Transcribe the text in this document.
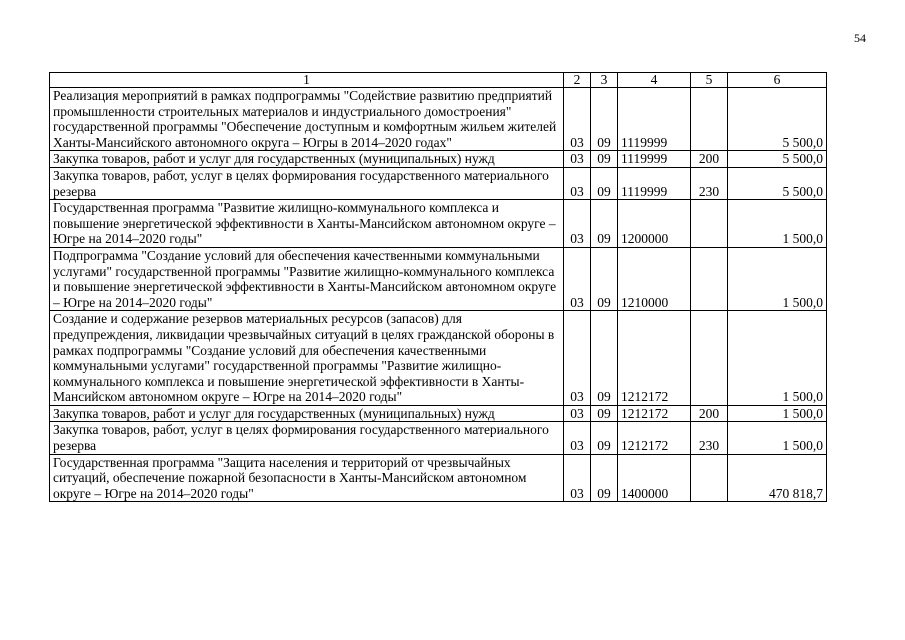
54
1	2	3	4	5	6
Реализация мероприятий в рамках подпрограммы "Содействие развитию предприятий промышленности строительных материалов и индустриального домостроения" государственной программы "Обеспечение доступным и комфортным жильем жителей Ханты-Мансийского автономного округа – Югры в 2014–2020 годах"	03	09	1119999		5 500,0
Закупка товаров, работ и услуг для государственных (муниципальных) нужд	03	09	1119999	200	5 500,0
Закупка товаров, работ, услуг в целях формирования государственного материального резерва	03	09	1119999	230	5 500,0
Государственная программа "Развитие жилищно-коммунального комплекса и повышение энергетической эффективности в Ханты-Мансийском автономном округе – Югре на 2014–2020 годы"	03	09	1200000		1 500,0
Подпрограмма "Создание условий для обеспечения качественными коммунальными услугами" государственной программы "Развитие жилищно-коммунального комплекса и повышение энергетической эффективности в Ханты-Мансийском автономном округе – Югре на 2014–2020 годы"	03	09	1210000		1 500,0
Создание и содержание резервов материальных ресурсов (запасов) для предупреждения, ликвидации чрезвычайных ситуаций в целях гражданской обороны в рамках подпрограммы "Создание условий для обеспечения качественными коммунальными услугами" государственной программы "Развитие жилищно-коммунального комплекса и повышение энергетической эффективности в Ханты-Мансийском автономном округе – Югре на 2014–2020 годы"	03	09	1212172		1 500,0
Закупка товаров, работ и услуг для государственных (муниципальных) нужд	03	09	1212172	200	1 500,0
Закупка товаров, работ, услуг в целях формирования государственного материального резерва	03	09	1212172	230	1 500,0
Государственная программа "Защита населения и территорий от чрезвычайных ситуаций, обеспечение пожарной безопасности в Ханты-Мансийском автономном округе – Югре на 2014–2020 годы"	03	09	1400000		470 818,7
